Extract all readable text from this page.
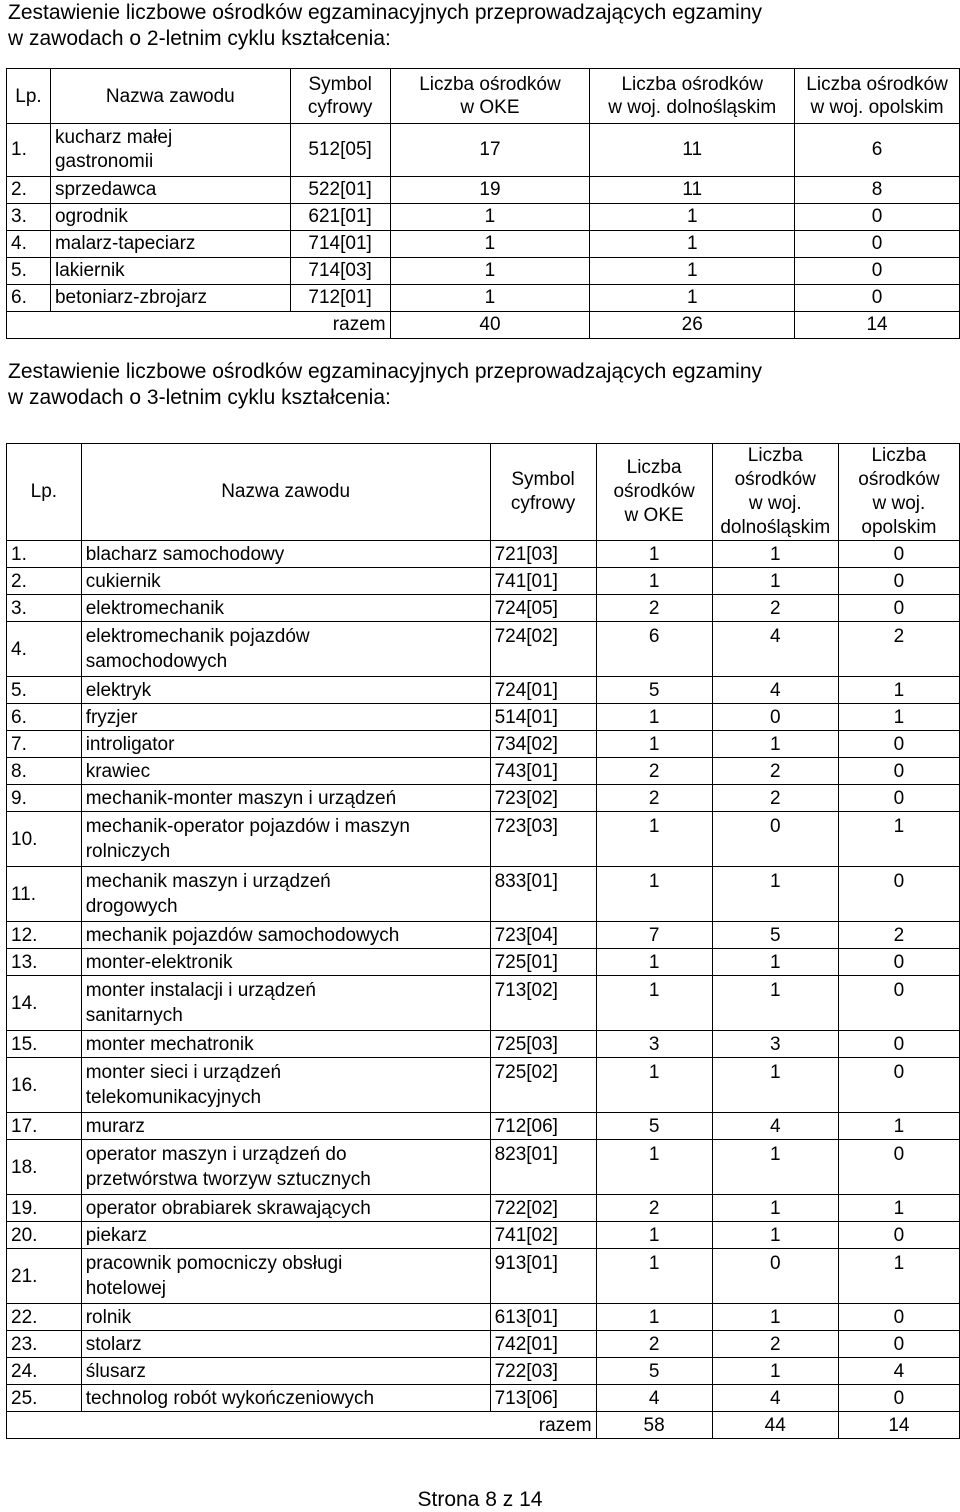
Zestawienie liczbowe ośrodków egzaminacyjnych przeprowadzających egzaminy
w zawodach o 2-letnim cyklu kształcenia:
Lp.	Nazwa zawodu	Symbol
cyfrowy	Liczba ośrodków
w OKE	Liczba ośrodków
w woj. dolnośląskim	Liczba ośrodków
w woj. opolskim
1.	kucharz małej
gastronomii	512[05]	17	11	6
2.	sprzedawca	522[01]	19	11	8
3.	ogrodnik	621[01]	1	1	0
4.	malarz-tapeciarz	714[01]	1	1	0
5.	lakiernik	714[03]	1	1	0
6.	betoniarz-zbrojarz	712[01]	1	1	0
razem			40	26	14
Zestawienie liczbowe ośrodków egzaminacyjnych przeprowadzających egzaminy
w zawodach o 3-letnim cyklu kształcenia:
Lp.	Nazwa zawodu	Symbol
cyfrowy	Liczba
ośrodków
w OKE	Liczba
ośrodków
w woj.
dolnośląskim	Liczba
ośrodków
w woj.
opolskim
1.	blacharz samochodowy	721[03]	1	1	0
2.	cukiernik	741[01]	1	1	0
3.	elektromechanik	724[05]	2	2	0
4.	elektromechanik pojazdów
samochodowych	724[02]	6	4	2
5.	elektryk	724[01]	5	4	1
6.	fryzjer	514[01]	1	0	1
7.	introligator	734[02]	1	1	0
8.	krawiec	743[01]	2	2	0
9.	mechanik-monter maszyn i urządzeń	723[02]	2	2	0
10.	mechanik-operator pojazdów i maszyn
rolniczych	723[03]	1	0	1
11.	mechanik maszyn i urządzeń
drogowych	833[01]	1	1	0
12.	mechanik pojazdów samochodowych	723[04]	7	5	2
13.	monter-elektronik	725[01]	1	1	0
14.	monter instalacji i urządzeń
sanitarnych	713[02]	1	1	0
15.	monter mechatronik	725[03]	3	3	0
16.	monter sieci i urządzeń
telekomunikacyjnych	725[02]	1	1	0
17.	murarz	712[06]	5	4	1
18.	operator maszyn i urządzeń do
przetwórstwa tworzyw sztucznych	823[01]	1	1	0
19.	operator obrabiarek skrawających	722[02]	2	1	1
20.	piekarz	741[02]	1	1	0
21.	pracownik pomocniczy obsługi
hotelowej	913[01]	1	0	1
22.	rolnik	613[01]	1	1	0
23.	stolarz	742[01]	2	2	0
24.	ślusarz	722[03]	5	1	4
25.	technolog robót wykończeniowych	713[06]	4	4	0
razem			58	44	14
Strona 8 z 14
